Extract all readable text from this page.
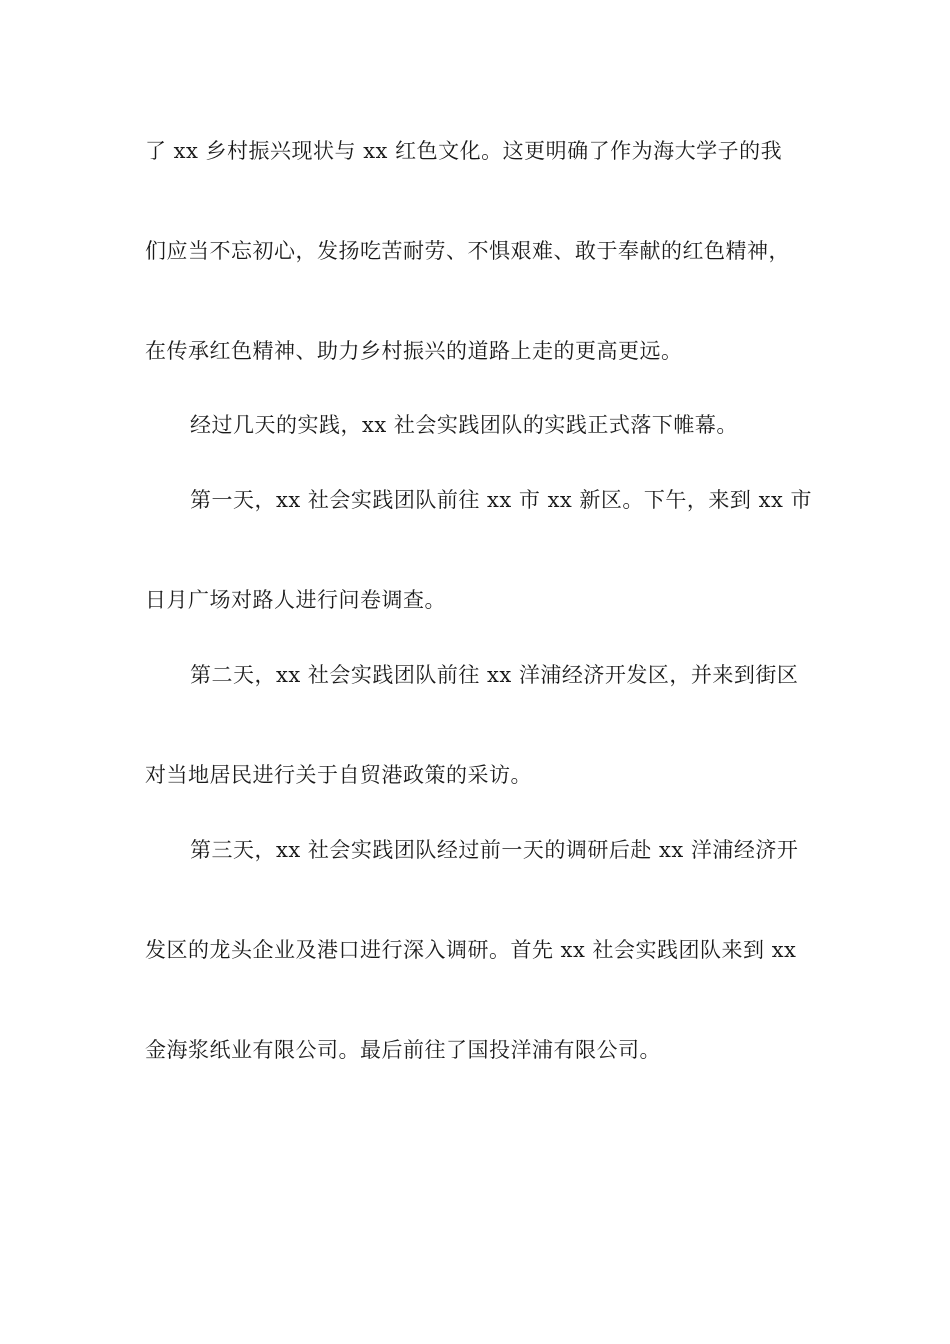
了 xx 乡村振兴现状与 xx 红色文化。这更明确了作为海大学子的我
们应当不忘初心，发扬吃苦耐劳、不惧艰难、敢于奉献的红色精神，
在传承红色精神、助力乡村振兴的道路上走的更高更远。
经过几天的实践，xx 社会实践团队的实践正式落下帷幕。
第一天，xx 社会实践团队前往 xx 市 xx 新区。下午，来到 xx 市
日月广场对路人进行问卷调查。
第二天，xx 社会实践团队前往 xx 洋浦经济开发区，并来到街区
对当地居民进行关于自贸港政策的采访。
第三天，xx 社会实践团队经过前一天的调研后赴 xx 洋浦经济开
发区的龙头企业及港口进行深入调研。首先 xx 社会实践团队来到 xx
金海浆纸业有限公司。最后前往了国投洋浦有限公司。
